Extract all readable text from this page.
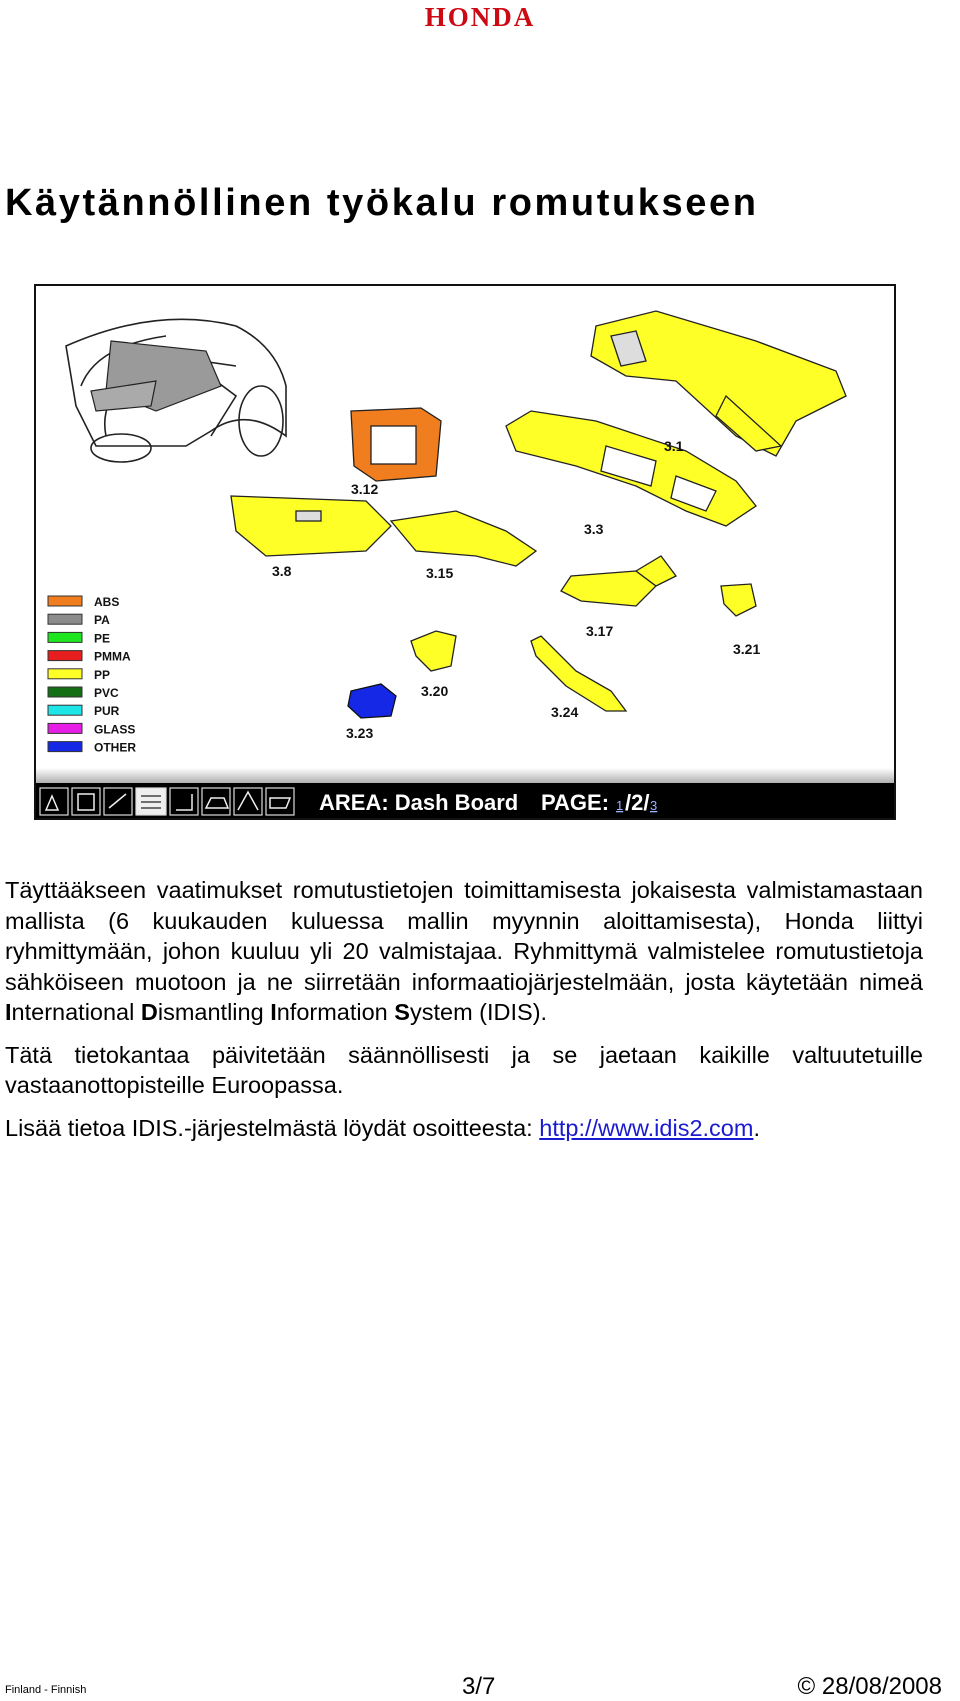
HONDA
Käytännöllinen työkalu romutukseen
3.1
3.12
3.3
3.8	3.15
3.17
3.21
3.20
3.24
3.23
ABS
PA
PE
PMMA
PP
PVC
PUR
GLASS
OTHER
AREA: Dash Board PAGE: 1 /2/ 3

Täyttääkseen vaatimukset romutustietojen toimittamisesta jokaisesta valmistamastaan mallista (6 kuukauden kuluessa mallin myynnin aloittamisesta), Honda liittyi ryhmittymään, johon kuuluu yli 20 valmistajaa. Ryhmittymä valmistelee romutustietoja sähköiseen muotoon ja ne siirretään informaatiojärjestelmään, josta käytetään nimeä International Dismantling Information System (IDIS).

Tätä tietokantaa päivitetään säännöllisesti ja se jaetaan kaikille valtuutetuille vastaanottopisteille Euroopassa.

Lisää tietoa IDIS.-järjestelmästä löydät osoitteesta: http://www.idis2.com.

Finland - Finnish	3/7	© 28/08/2008
